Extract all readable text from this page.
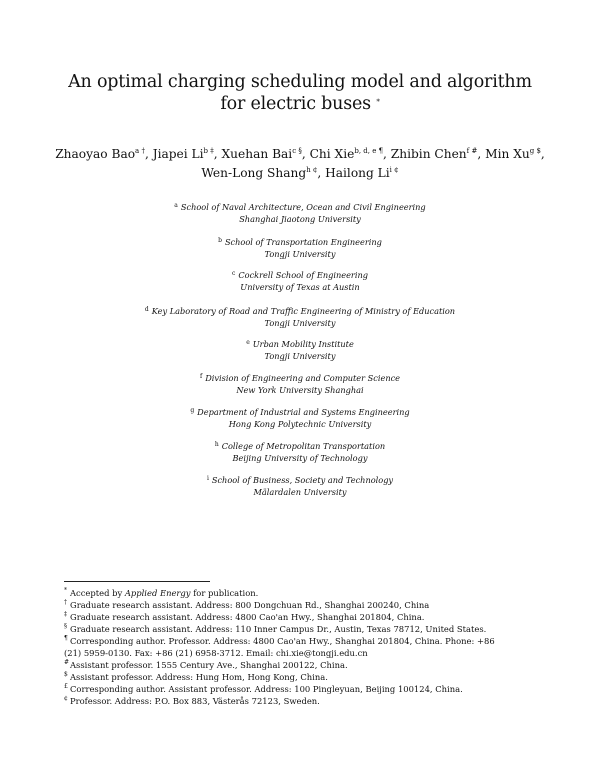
An optimal charging scheduling model and algorithm
for electric buses *
Zhaoyao Bao$^{a \dagger}$, Jiapei $Li^{b \ddagger}$, Xuehan Bai$^{c \S}$, Chi Xie$^{b, d, e \P}$, Zhibin Chen$^{f \#}$, Min $Xu^{g \$}$, Wen-Long Shang$^{h ¢}$, Hailong $Li^{i ¢}$
$^a$ School of Naval Architecture, Ocean and Civil Engineering
Shanghai Jiaotong University
$^b$ School of Transportation Engineering
Tongji University
$^c$ Cockrell School of Engineering
University of Texas at Austin
$^d$ Key Laboratory of Road and Traffic Engineering of Ministry of Education
Tongji University
$^e$ Urban Mobility Institute
Tongji University
$^f$ Division of Engineering and Computer Science
New York University Shanghai
$^g$ Department of Industrial and Systems Engineering
Hong Kong Polytechnic University
$^h$ College of Metropolitan Transportation
Beijing University of Technology
$^i$ School of Business, Society and Technology
Mälardalen University
* Accepted by Applied Energy for publication.
† Graduate research assistant. Address: 800 Dongchuan Rd., Shanghai 200240, China
‡ Graduate research assistant. Address: 4800 Cao'an Hwy., Shanghai 201804, China.
§ Graduate research assistant. Address: 110 Inner Campus Dr., Austin, Texas 78712, United States.
¶ Corresponding author. Professor. Address: 4800 Cao'an Hwy., Shanghai 201804, China. Phone: +86
(21) 5959-0130. Fax: +86 (21) 6958-3712. Email: chi.xie@tongji.edu.cn
# Assistant professor. 1555 Century Ave., Shanghai 200122, China.
$ Assistant professor. Address: Hung Hom, Hong Kong, China.
£ Corresponding author. Assistant professor. Address: 100 Pingleyuan, Beijing 100124, China.
¢ Professor. Address: P.O. Box 883, Västerås 72123, Sweden.
